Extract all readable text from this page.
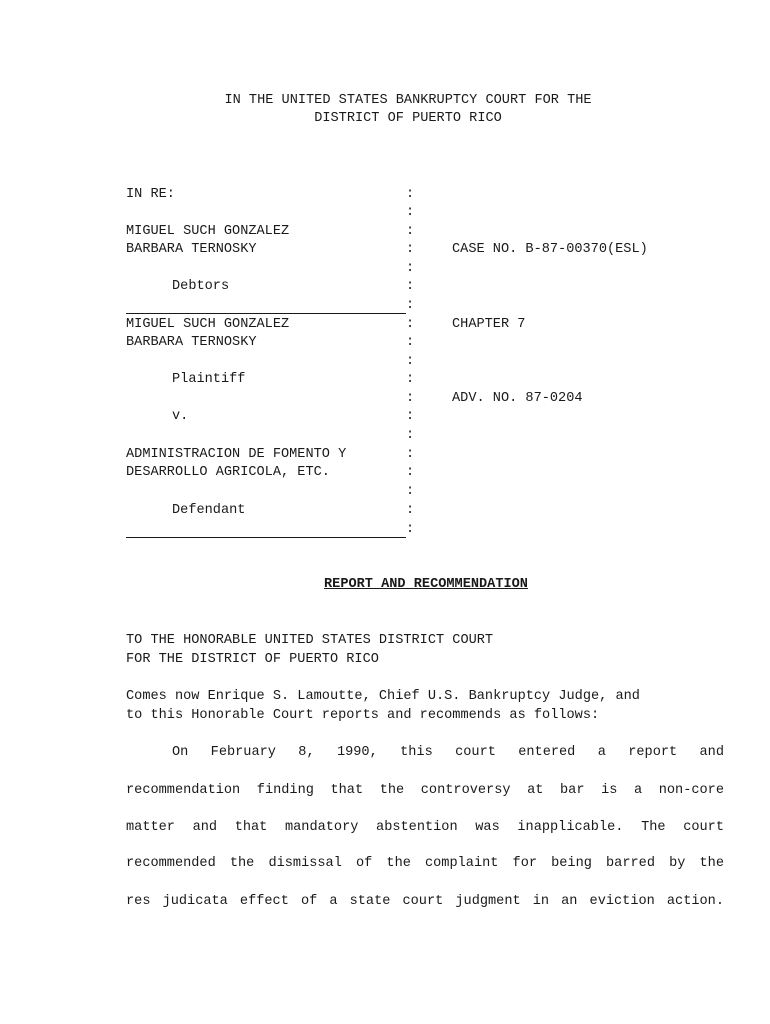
IN THE UNITED STATES BANKRUPTCY COURT FOR THE
DISTRICT OF PUERTO RICO
IN RE:
MIGUEL SUCH GONZALEZ
BARBARA TERNOSKY
Debtors
MIGUEL SUCH GONZALEZ
BARBARA TERNOSKY
Plaintiff
v.
ADMINISTRACION DE FOMENTO Y
DESARROLLO AGRICOLA, ETC.
Defendant
:
:
:
:
:
:
:
:
:
:
:
:
:
:
:
:
:
:
:
CASE NO. B-87-00370(ESL)
CHAPTER 7
ADV. NO. 87-0204
REPORT AND RECOMMENDATION
TO THE HONORABLE UNITED STATES DISTRICT COURT
FOR THE DISTRICT OF PUERTO RICO
Comes now Enrique S. Lamoutte, Chief U.S. Bankruptcy Judge, and
to this Honorable Court reports and recommends as follows:
On February 8, 1990, this court entered a report and
recommendation finding that the controversy at bar is a non-core
matter and that mandatory abstention was inapplicable. The court
recommended the dismissal of the complaint for being barred by the
res judicata effect of a state court judgment in an eviction action.
